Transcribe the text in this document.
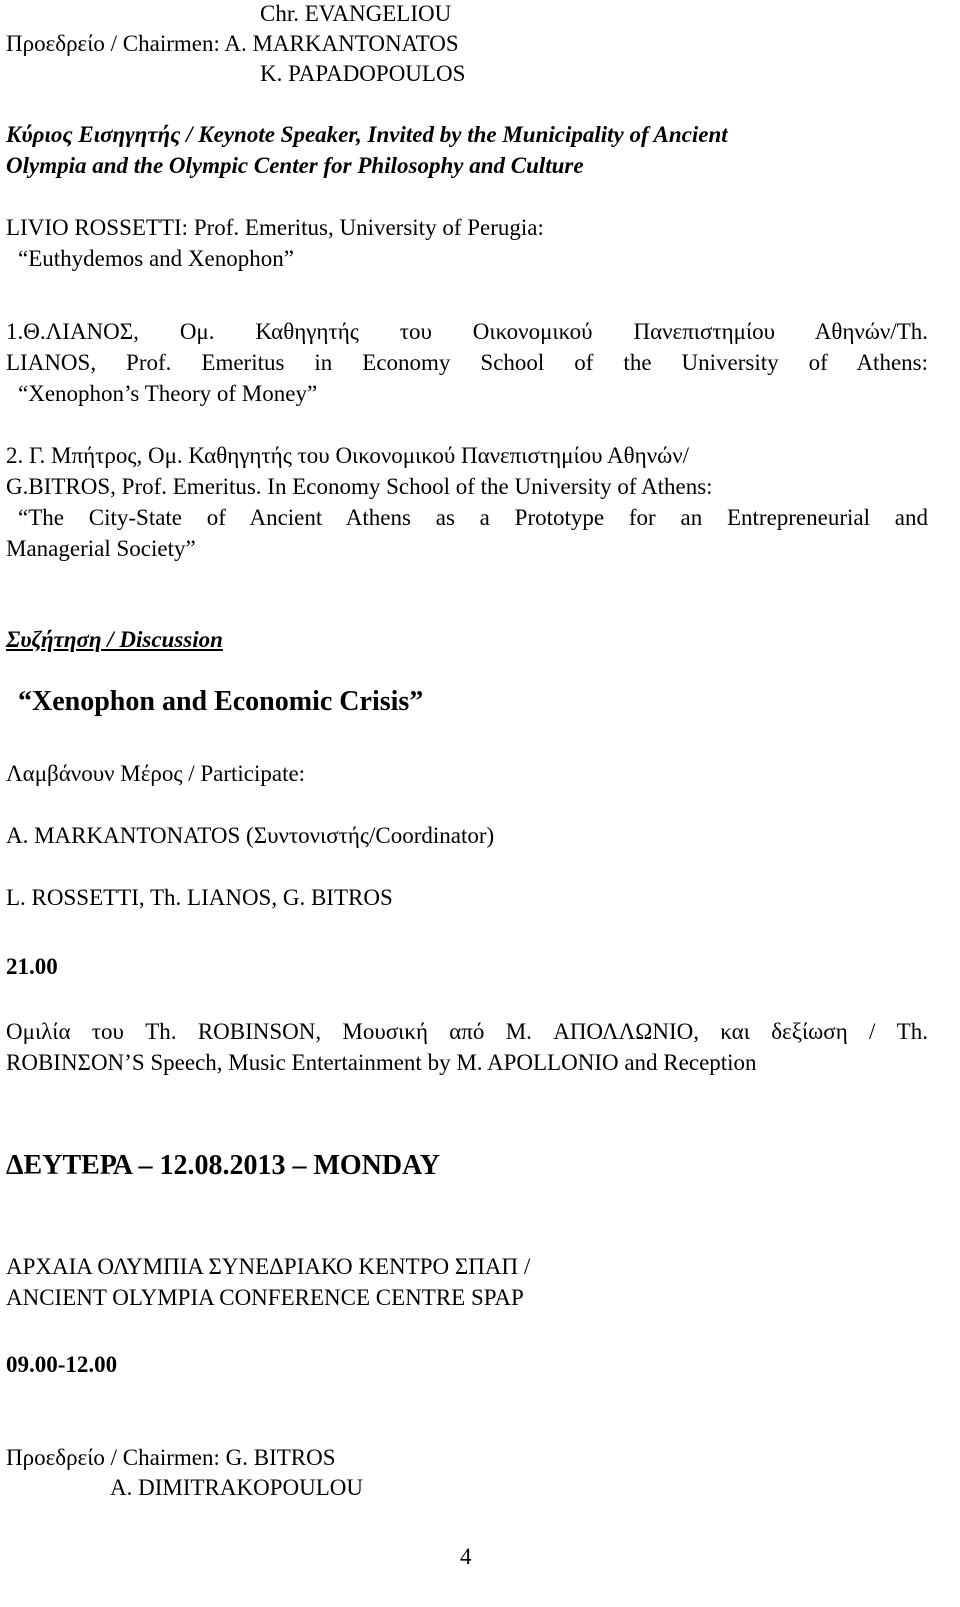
Chr. EVANGELIOU
Προεδρείο / Chairmen: A. MARKANTONATOS
K. PAPADOPOULOS
Κύριος Εισηγητής / Keynote Speaker, Invited by the Municipality of Ancient
Olympia and the Olympic Center for Philosophy and Culture
LIVIO ROSSETTI: Prof. Emeritus, University of Perugia:
“Euthydemos and Xenophon”
1.Θ.ΛΙΑΝΟΣ, Ομ. Καθηγητής του Οικονομικού Πανεπιστημίου Αθηνών/Th.
LIANOS, Prof. Emeritus in Economy School of the University of Athens:
“Xenophon’s Theory of Money”
2. Γ. Μπήτρος, Ομ. Καθηγητής του Οικονομικού Πανεπιστημίου Αθηνών/
G.BITROS, Prof. Emeritus. In Economy School of the University of Athens:
“The City-State of Ancient Athens as a Prototype for an Entrepreneurial and
Managerial Society”
Συζήτηση / Discussion
“Xenophon and Economic Crisis”
Λαμβάνουν Μέρος / Participate:
A. MARKANTONATOS (Συντονιστής/Coordinator)
L. ROSSETTI, Th. LIANOS, G. BITROS
21.00
Ομιλία του Th. ROBINSON, Μουσική από M. ΑΠΟΛΛΩΝΙΟ, και δεξίωση / Th.
ROBINΣΟΝ’S Speech, Music Entertainment by M. APOLLONIO and Reception
ΔΕΥΤΕΡΑ – 12.08.2013 – MONDAY
ΑΡΧΑΙΑ ΟΛΥΜΠΙΑ ΣΥΝΕΔΡΙΑΚΟ ΚΕΝΤΡΟ ΣΠΑΠ /
ANCIENT OLYMPIA CONFERENCE CENTRE SPAP
09.00-12.00
Προεδρείο / Chairmen: G. BITROS
A. DIMITRAKOPOULOU
4
